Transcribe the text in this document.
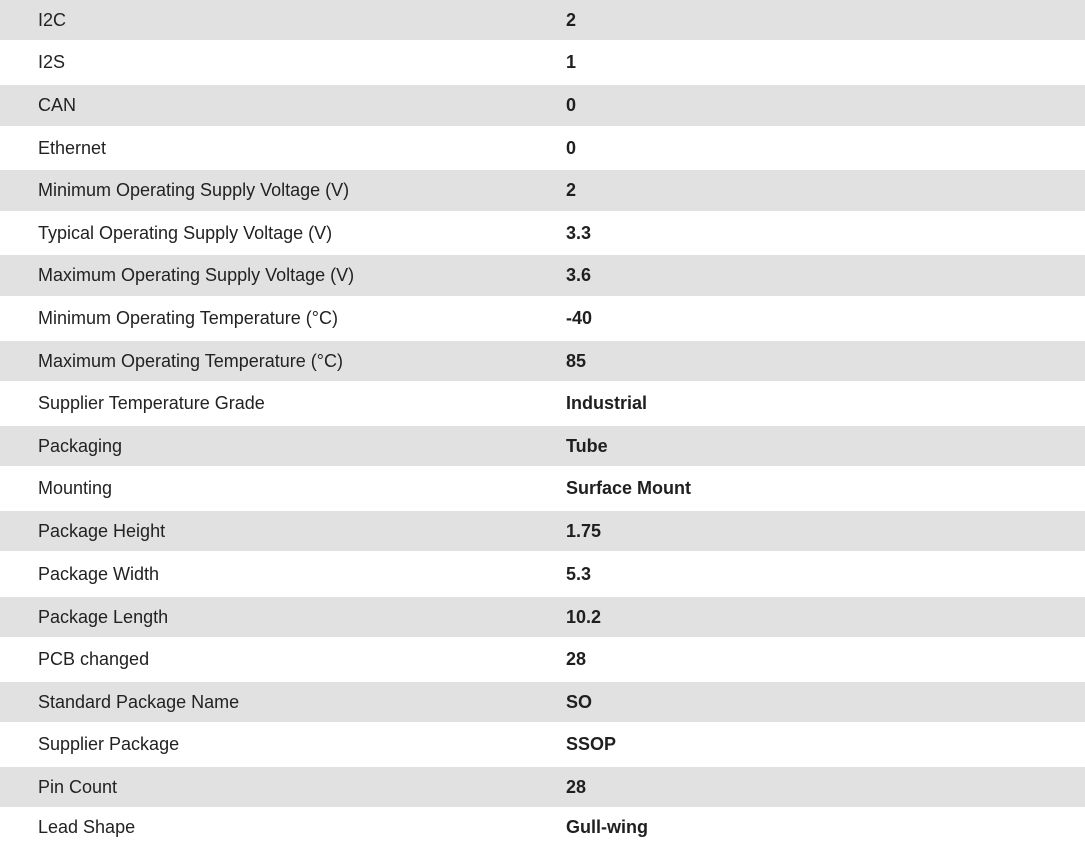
I2C	2
I2S	1
CAN	0
Ethernet	0
Minimum Operating Supply Voltage (V)	2
Typical Operating Supply Voltage (V)	3.3
Maximum Operating Supply Voltage (V)	3.6
Minimum Operating Temperature (°C)	-40
Maximum Operating Temperature (°C)	85
Supplier Temperature Grade	Industrial
Packaging	Tube
Mounting	Surface Mount
Package Height	1.75
Package Width	5.3
Package Length	10.2
PCB changed	28
Standard Package Name	SO
Supplier Package	SSOP
Pin Count	28
Lead Shape	Gull-wing
